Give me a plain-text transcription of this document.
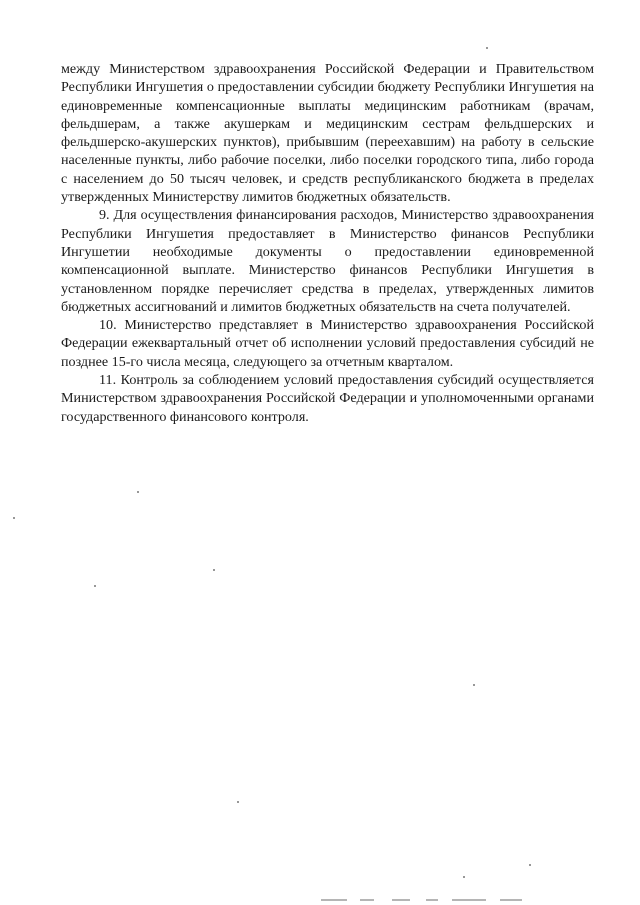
между Министерством здравоохранения Российской Федерации и Правительством Республики Ингушетия о предоставлении субсидии бюджету Республики Ингушетия на единовременные компенсационные выплаты медицинским работникам (врачам, фельдшерам, а также акушеркам и медицинским сестрам фельдшерских и фельдшерско-акушерских пунктов), прибывшим (переехавшим) на работу в сельские населенные пункты, либо рабочие поселки, либо поселки городского типа, либо города с населением до 50 тысяч человек, и средств республиканского бюджета в пределах утвержденных Министерству лимитов бюджетных обязательств.

9. Для осуществления финансирования расходов, Министерство здравоохранения Республики Ингушетия предоставляет в Министерство финансов Республики Ингушетии необходимые документы о предоставлении единовременной компенсационной выплате. Министерство финансов Республики Ингушетия в установленном порядке перечисляет средства в пределах, утвержденных лимитов бюджетных ассигнований и лимитов бюджетных обязательств на счета получателей.

10. Министерство представляет в Министерство здравоохранения Российской Федерации ежеквартальный отчет об исполнении условий предоставления субсидий не позднее 15-го числа месяца, следующего за отчетным кварталом.

11. Контроль за соблюдением условий предоставления субсидий осуществляется Министерством здравоохранения Российской Федерации и уполномоченными органами государственного финансового контроля.
